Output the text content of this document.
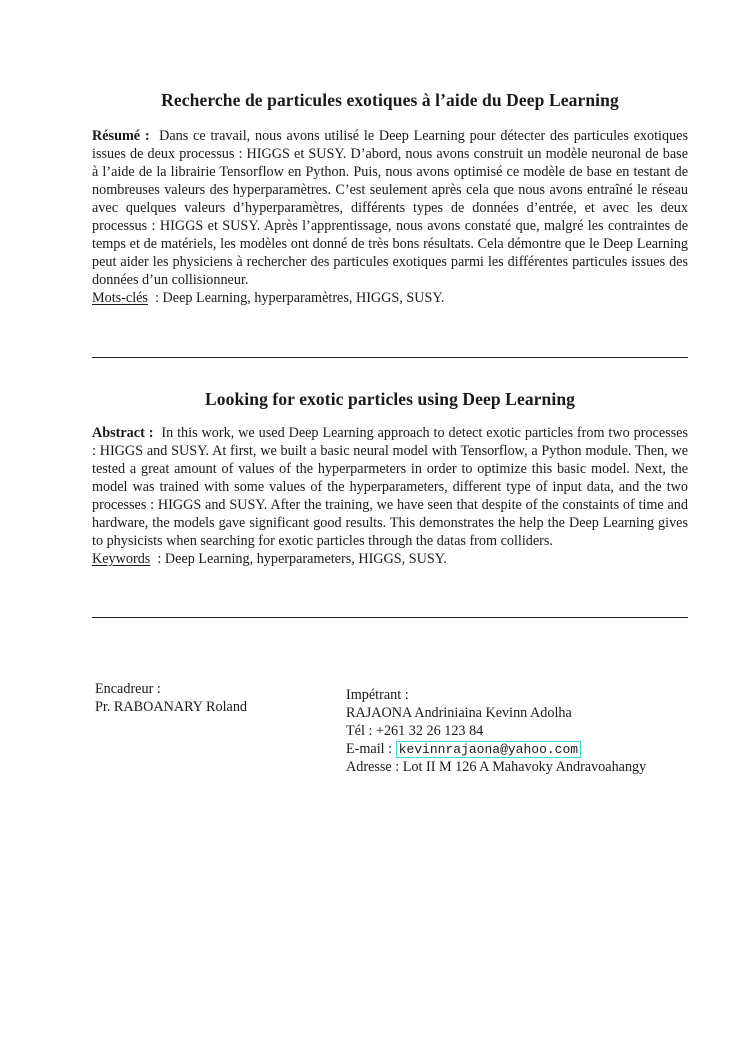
Recherche de particules exotiques à l’aide du Deep Learning
Résumé : Dans ce travail, nous avons utilisé le Deep Learning pour détecter des particules exotiques issues de deux processus : HIGGS et SUSY. D’abord, nous avons construit un modèle neuronal de base à l’aide de la librairie Tensorflow en Python. Puis, nous avons optimisé ce modèle de base en testant de nombreuses valeurs des hyperparamètres. C’est seulement après cela que nous avons entraîné le réseau avec quelques valeurs d’hyperparamètres, différents types de données d’entrée, et avec les deux processus : HIGGS et SUSY. Après l’apprentissage, nous avons constaté que, malgré les contraintes de temps et de matériels, les modèles ont donné de très bons résultats. Cela démontre que le Deep Learning peut aider les physiciens à rechercher des particules exotiques parmi les différentes particules issues des données d’un collisionneur.
Mots-clés : Deep Learning, hyperparamètres, HIGGS, SUSY.
Looking for exotic particles using Deep Learning
Abstract : In this work, we used Deep Learning approach to detect exotic particles from two processes : HIGGS and SUSY. At first, we built a basic neural model with Tensorflow, a Python module. Then, we tested a great amount of values of the hyperparmeters in order to optimize this basic model. Next, the model was trained with some values of the hyperparameters, different type of input data, and the two processes : HIGGS and SUSY. After the training, we have seen that despite of the constaints of time and hardware, the models gave significant good results. This demonstrates the help the Deep Learning gives to physicists when searching for exotic particles through the datas from colliders.
Keywords : Deep Learning, hyperparameters, HIGGS, SUSY.
Encadreur :
Pr. RABOANARY Roland
Impétrant :
RAJAONA Andriniaina Kevinn Adolha
Tél : +261 32 26 123 84
E-mail : kevinnrajaona@yahoo.com
Adresse : Lot II M 126 A Mahavoky Andravoahangy
